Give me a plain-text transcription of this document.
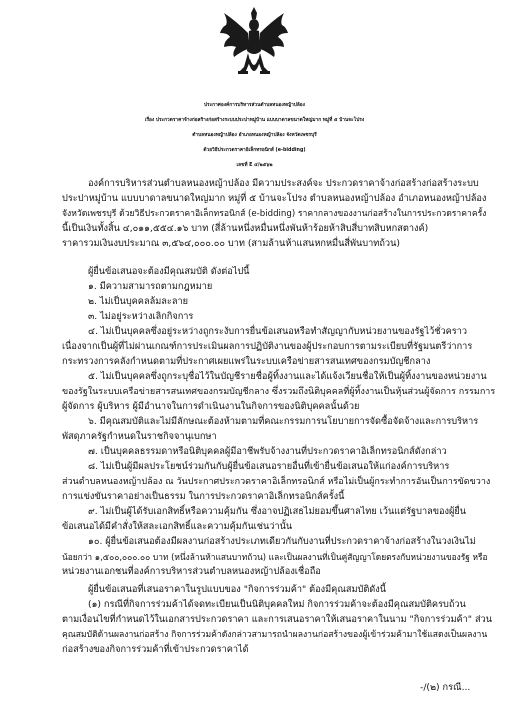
ประกาศองค์การบริหารส่วนตำบลหนองหญ้าปล้อง
เรื่อง ประกวดราคาจ้างก่อสร้างก่อสร้างระบบประปาหมู่บ้าน แบบบาดาลขนาดใหญ่มาก หมู่ที่ ๕ บ้านจะโปรง
ตำบลหนองหญ้าปล้อง อำเภอหนองหญ้าปล้อง จังหวัดเพชรบุรี
ด้วยวิธีประกวดราคาอิเล็กทรอนิกส์ (e-bidding)
เลขที่ E ๔/๒๕๖๒
องค์การบริหารส่วนตำบลหนองหญ้าปล้อง มีความประสงค์จะ ประกวดราคาจ้างก่อสร้างก่อสร้างระบบ
ประปาหมู่บ้าน แบบบาดาลขนาดใหญ่มาก หมู่ที่ ๕ บ้านจะโปรง ตำบลหนองหญ้าปล้อง อำเภอหนองหญ้าปล้อง
จังหวัดเพชรบุรี ด้วยวิธีประกวดราคาอิเล็กทรอนิกส์ (e-bidding) ราคากลางของงานก่อสร้างในการประกวดราคาครั้ง
นี้เป็นเงินทั้งสิ้น ๔,๐๑๑,๕๕๔.๑๖ บาท (สี่ล้านหนึ่งหมื่นหนึ่งพันห้าร้อยห้าสิบสี่บาทสิบหกสตางค์)
ราคารวมเงินงบประมาณ ๓,๕๖๔,๐๐๐.๐๐ บาท (สามล้านห้าแสนหกหมื่นสี่พันบาทถ้วน)
ผู้ยื่นข้อเสนอจะต้องมีคุณสมบัติ ดังต่อไปนี้
๑. มีความสามารถตามกฎหมาย
๒. ไม่เป็นบุคคลล้มละลาย
๓. ไม่อยู่ระหว่างเลิกกิจการ
๔. ไม่เป็นบุคคลซึ่งอยู่ระหว่างถูกระงับการยื่นข้อเสนอหรือทำสัญญากับหน่วยงานของรัฐไว้ชั่วคราว
เนื่องจากเป็นผู้ที่ไม่ผ่านเกณฑ์การประเมินผลการปฏิบัติงานของผู้ประกอบการตามระเบียบที่รัฐมนตรีว่าการ
กระทรวงการคลังกำหนดตามที่ประกาศเผยแพร่ในระบบเครือข่ายสารสนเทศของกรมบัญชีกลาง
๕. ไม่เป็นบุคคลซึ่งถูกระบุชื่อไว้ในบัญชีรายชื่อผู้ทิ้งงานและได้แจ้งเวียนชื่อให้เป็นผู้ทิ้งงานของหน่วยงาน
ของรัฐในระบบเครือข่ายสารสนเทศของกรมบัญชีกลาง ซึ่งรวมถึงนิติบุคคลที่ผู้ทิ้งงานเป็นหุ้นส่วนผู้จัดการ กรรมการ
ผู้จัดการ ผู้บริหาร ผู้มีอำนาจในการดำเนินงานในกิจการของนิติบุคคลนั้นด้วย
๖. มีคุณสมบัติและไม่มีลักษณะต้องห้ามตามที่คณะกรรมการนโยบายการจัดซื้อจัดจ้างและการบริหาร
พัสดุภาครัฐกำหนดในราชกิจจานุเบกษา
๗. เป็นบุคคลธรรมดาหรือนิติบุคคลผู้มีอาชีพรับจ้างงานที่ประกวดราคาอิเล็กทรอนิกส์ดังกล่าว
๘. ไม่เป็นผู้มีผลประโยชน์ร่วมกันกับผู้ยื่นข้อเสนอรายอื่นที่เข้ายื่นข้อเสนอให้แก่องค์การบริหาร
ส่วนตำบลหนองหญ้าปล้อง ณ วันประกาศประกวดราคาอิเล็กทรอนิกส์ หรือไม่เป็นผู้กระทำการอันเป็นการขัดขวาง
การแข่งขันราคาอย่างเป็นธรรม ในการประกวดราคาอิเล็กทรอนิกส์ครั้งนี้
๙. ไม่เป็นผู้ได้รับเอกสิทธิ์หรือความคุ้มกัน ซึ่งอาจปฏิเสธไม่ยอมขึ้นศาลไทย เว้นแต่รัฐบาลของผู้ยื่น
ข้อเสนอได้มีคำสั่งให้สละเอกสิทธิ์และความคุ้มกันเช่นว่านั้น
๑๐. ผู้ยื่นข้อเสนอต้องมีผลงานก่อสร้างประเภทเดียวกันกับงานที่ประกวดราคาจ้างก่อสร้างในวงเงินไม่
น้อยกว่า ๑,๕๐๐,๐๐๐.๐๐ บาท (หนึ่งล้านห้าแสนบาทถ้วน) และเป็นผลงานที่เป็นคู่สัญญาโดยตรงกับหน่วยงานของรัฐ หรือ
หน่วยงานเอกชนที่องค์การบริหารส่วนตำบลหนองหญ้าปล้องเชื่อถือ
ผู้ยื่นข้อเสนอที่เสนอราคาในรูปแบบของ "กิจการร่วมค้า" ต้องมีคุณสมบัติดังนี้
(๑) กรณีที่กิจการร่วมค้าได้จดทะเบียนเป็นนิติบุคคลใหม่ กิจการร่วมค้าจะต้องมีคุณสมบัติครบถ้วน
ตามเงื่อนไขที่กำหนดไว้ในเอกสารประกวดราคา และการเสนอราคาให้เสนอราคาในนาม "กิจการร่วมค้า" ส่วน
คุณสมบัติด้านผลงานก่อสร้าง กิจการร่วมค้าดังกล่าวสามารถนำผลงานก่อสร้างของผู้เข้าร่วมค้ามาใช้แสดงเป็นผลงาน
ก่อสร้างของกิจการร่วมค้าที่เข้าประกวดราคาได้
-/(๒) กรณี...
